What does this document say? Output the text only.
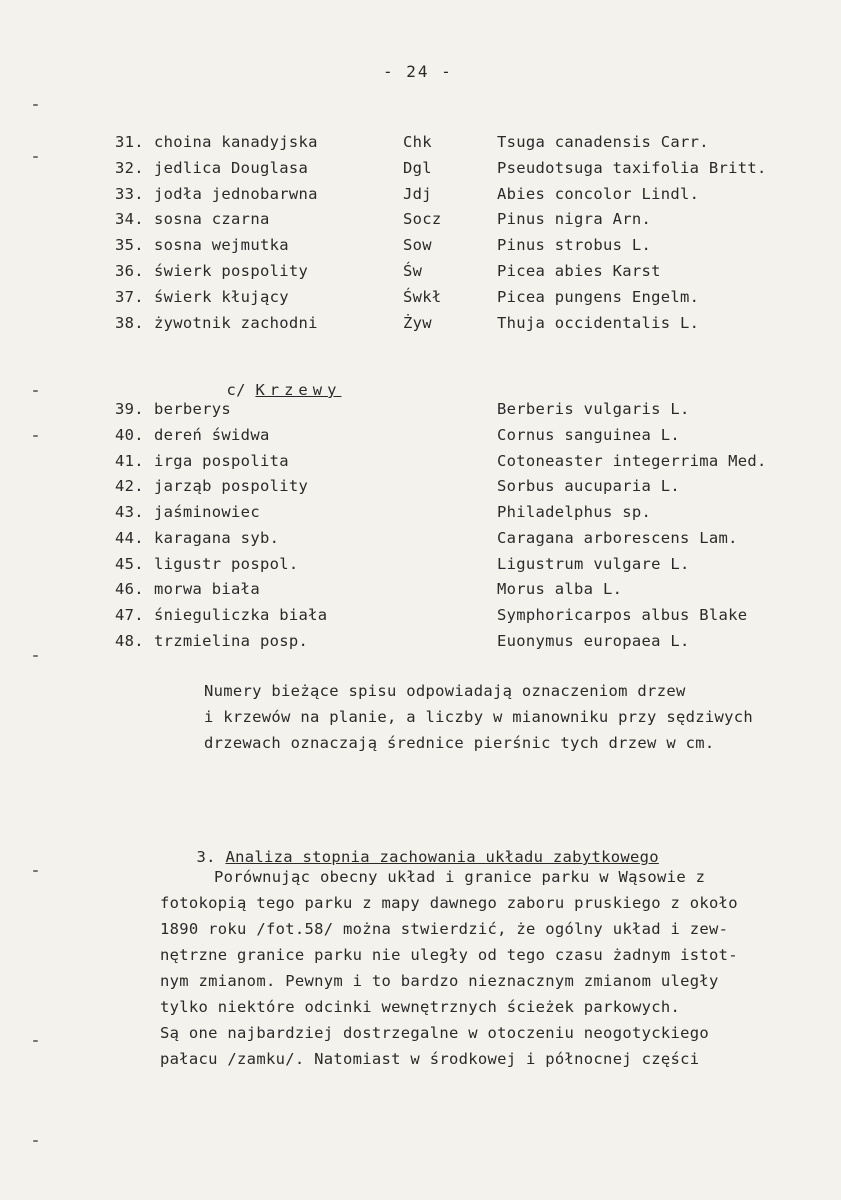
- 24 -
31. choina kanadyjska	Chk	Tsuga canadensis Carr.
32. jedlica Douglasa	Dgl	Pseudotsuga taxifolia Britt.
33. jodła jednobarwna	Jdj	Abies concolor Lindl.
34. sosna czarna	Socz	Pinus nigra Arn.
35. sosna wejmutka	Sow	Pinus strobus L.
36. świerk pospolity	Św	Picea abies Karst
37. świerk kłujący	Śwkł	Picea pungens Engelm.
38. żywotnik zachodni	Żyw	Thuja occidentalis L.

c/ Krzewy

39. berberys	Berberis vulgaris L.
40. dereń świdwa	Cornus sanguinea L.
41. irga pospolita	Cotoneaster integerrima Med.
42. jarząb pospolity	Sorbus aucuparia L.
43. jaśminowiec	Philadelphus sp.
44. karagana syb.	Caragana arborescens Lam.
45. ligustr pospol.	Ligustrum vulgare L.
46. morwa biała	Morus alba L.
47. śnieguliczka biała	Symphoricarpos albus Blake
48. trzmielina posp.	Euonymus europaea L.
Numery bieżące spisu odpowiadają oznaczeniom drzew
i krzewów na planie, a liczby w mianowniku przy sędziwych
drzewach oznaczają średnice pierśnic tych drzew w cm.

3. Analiza stopnia zachowania układu zabytkowego

Porównując obecny układ i granice parku w Wąsowie z
fotokopią tego parku z mapy dawnego zaboru pruskiego z około
1890 roku /fot.58/ można stwierdzić, że ogólny układ i zew-
nętrzne granice parku nie uległy od tego czasu żadnym istot-
nym zmianom. Pewnym i to bardzo nieznacznym zmianom uległy
tylko niektóre odcinki wewnętrznych ścieżek parkowych.
Są one najbardziej dostrzegalne w otoczeniu neogotyckiego
pałacu /zamku/. Natomiast w środkowej i północnej części
